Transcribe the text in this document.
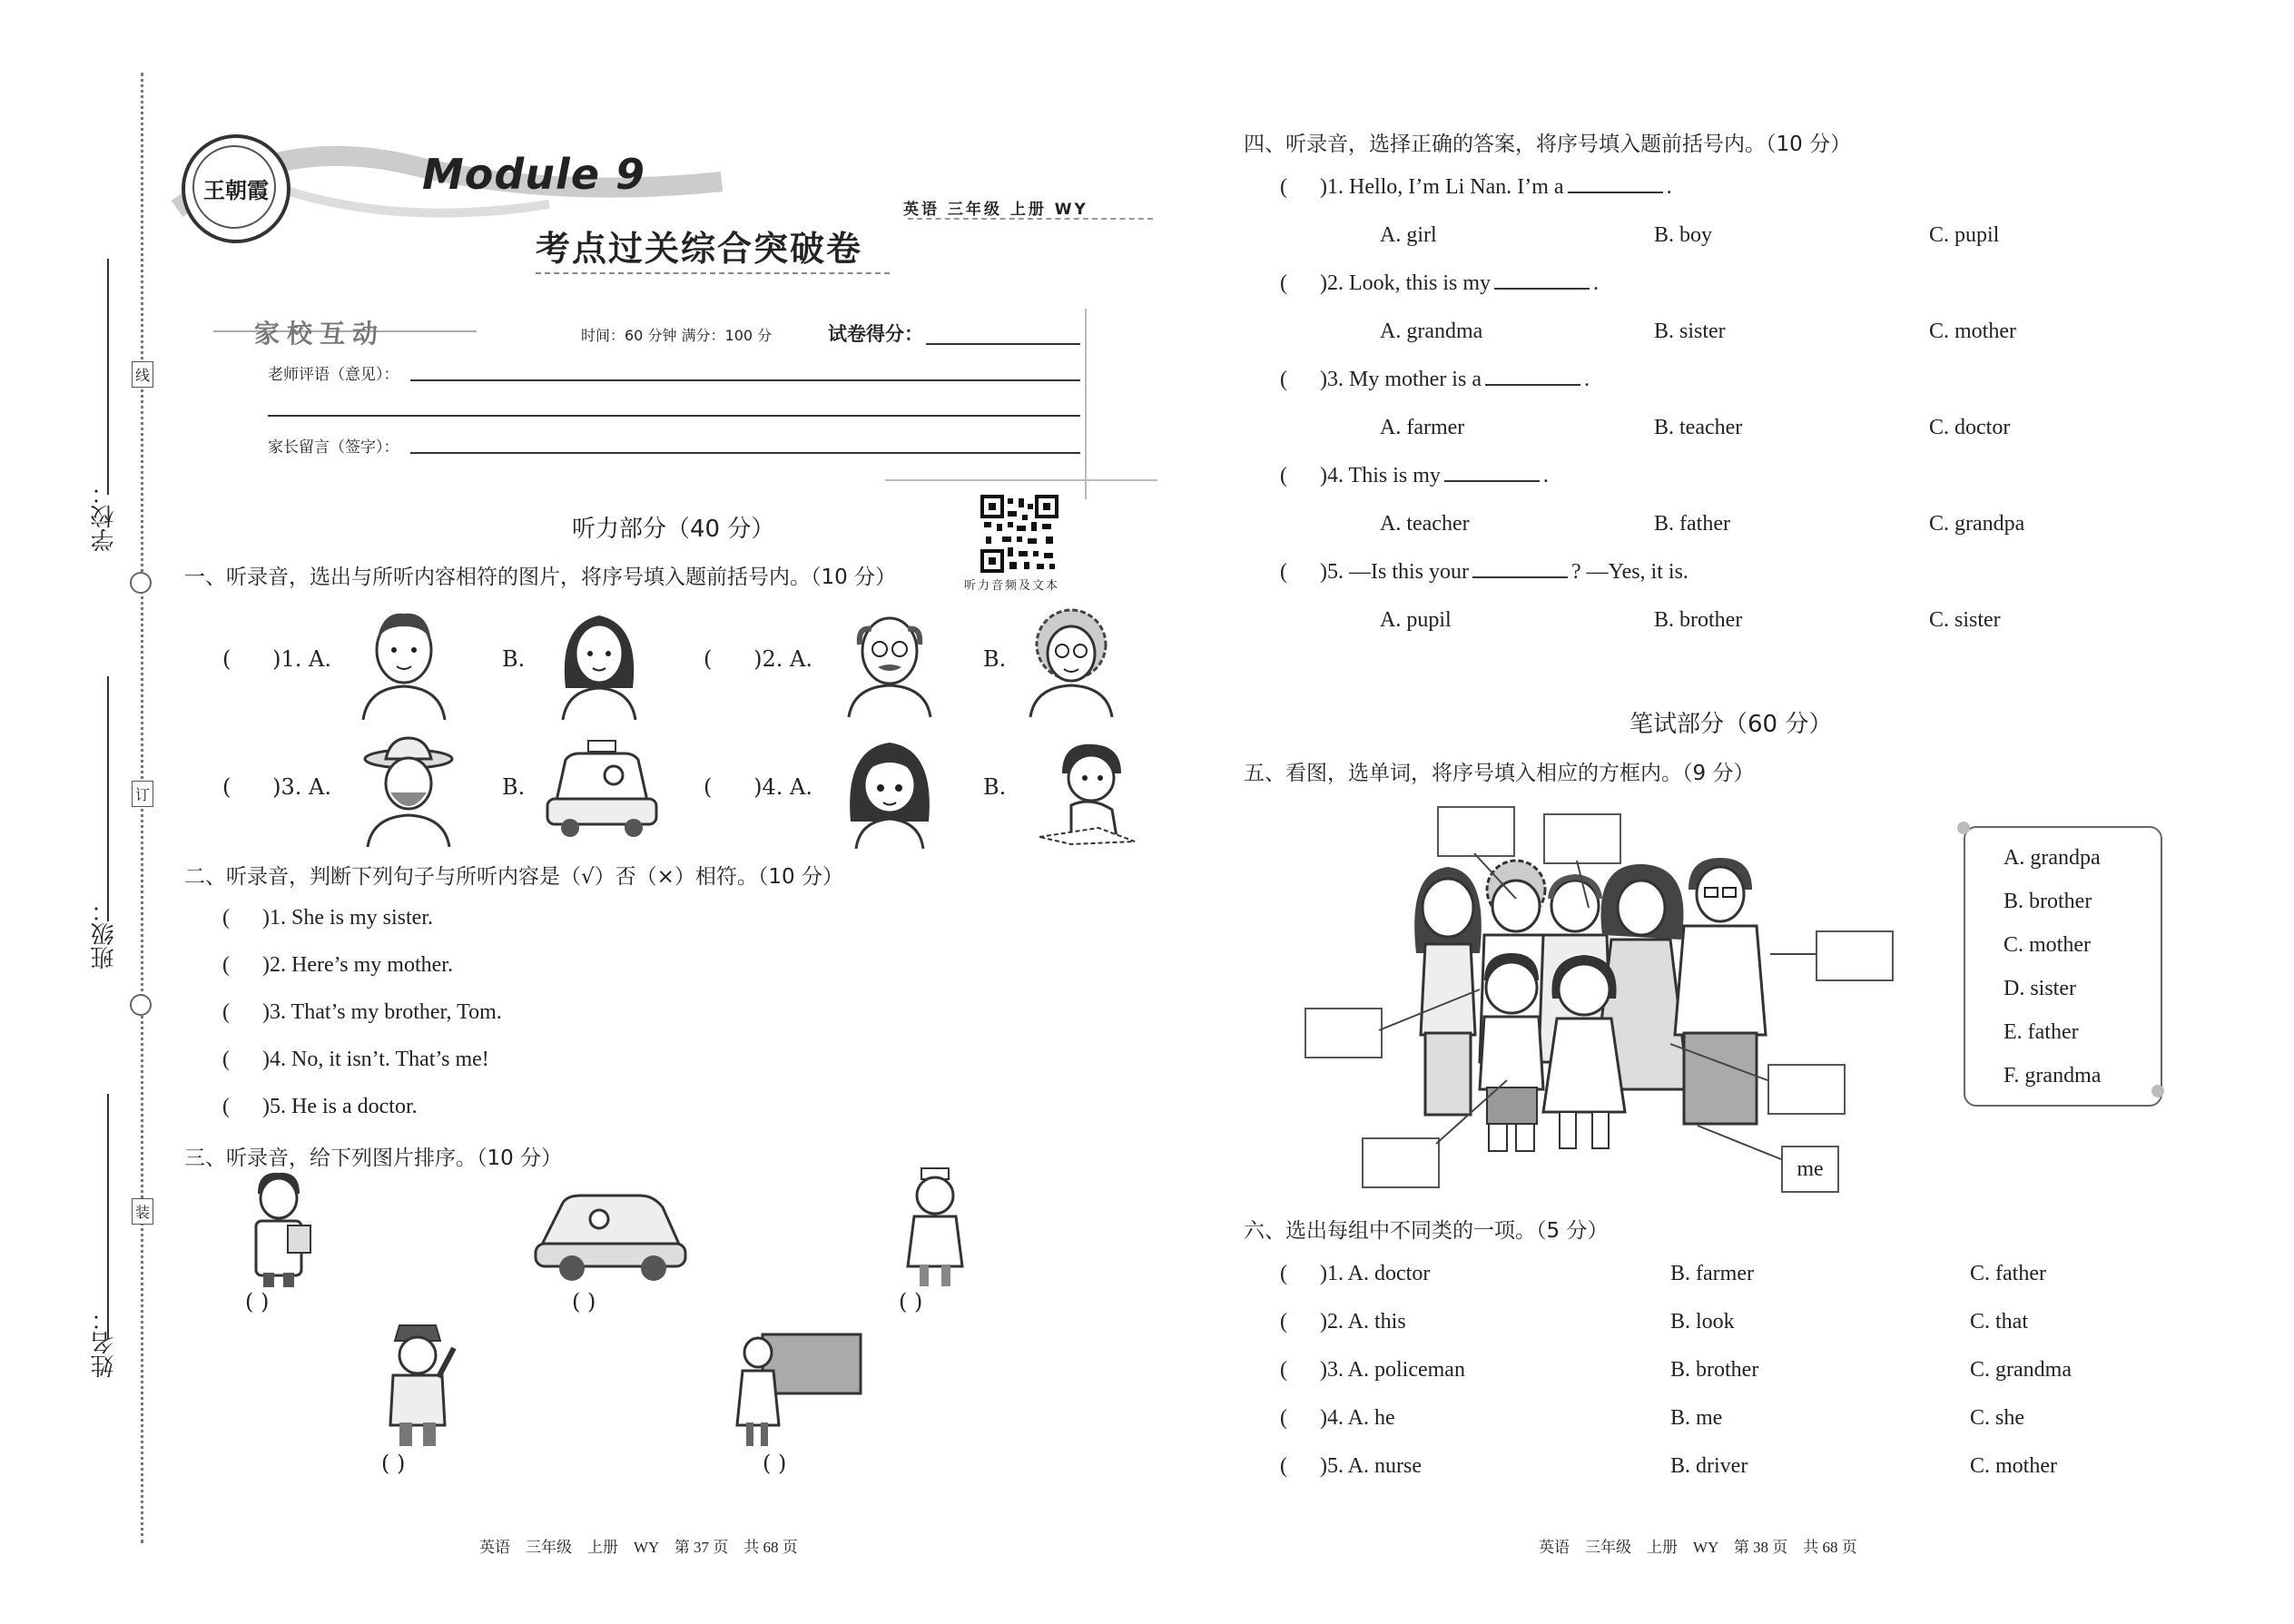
学校：
班级：
姓名：
线
订
装
王朝霞	Module 9
考点过关综合突破卷
英语 三年级 上册 WY
家校互动	时间：60 分钟 满分：100 分	试卷得分：
老师评语（意见）：
家长留言（签字）：
听力音频及文本
听力部分（40 分）
一、听录音，选出与所听内容相符的图片，将序号填入题前括号内。（10 分）
(      )1. A.	B.	(      )2. A.	B.
(      )3. A.	B.	(      )4. A.	B.
二、听录音，判断下列句子与所听内容是（√）否（×）相符。（10 分）
(      )1. She is my sister.
(      )2. Here’s my mother.
(      )3. That’s my brother, Tom.
(      )4. No, it isn’t. That’s me!
(      )5. He is a doctor.
三、听录音，给下列图片排序。（10 分）
( )	( )	( )
( )	( )
四、听录音，选择正确的答案，将序号填入题前括号内。（10 分）
(      )1. Hello, I’m Li Nan. I’m a	.
A. girl	B. boy	C. pupil
(      )2. Look, this is my	.
A. grandma	B. sister	C. mother
(      )3. My mother is a	.
A. farmer	B. teacher	C. doctor
(      )4. This is my	.
A. teacher	B. father	C. grandpa
(      )5. —Is this your	? —Yes, it is.
A. pupil	B. brother	C. sister
笔试部分（60 分）
五、看图，选单词，将序号填入相应的方框内。（9 分）
me
A. grandpa
B. brother
C. mother
D. sister
E. father
F. grandma
六、选出每组中不同类的一项。（5 分）
(      )1. A. doctor	B. farmer	C. father
(      )2. A. this	B. look	C. that
(      )3. A. policeman	B. brother	C. grandma
(      )4. A. he	B. me	C. she
(      )5. A. nurse	B. driver	C. mother
英语    三年级    上册    WY    第 37 页    共 68 页	英语    三年级    上册    WY    第 38 页    共 68 页
